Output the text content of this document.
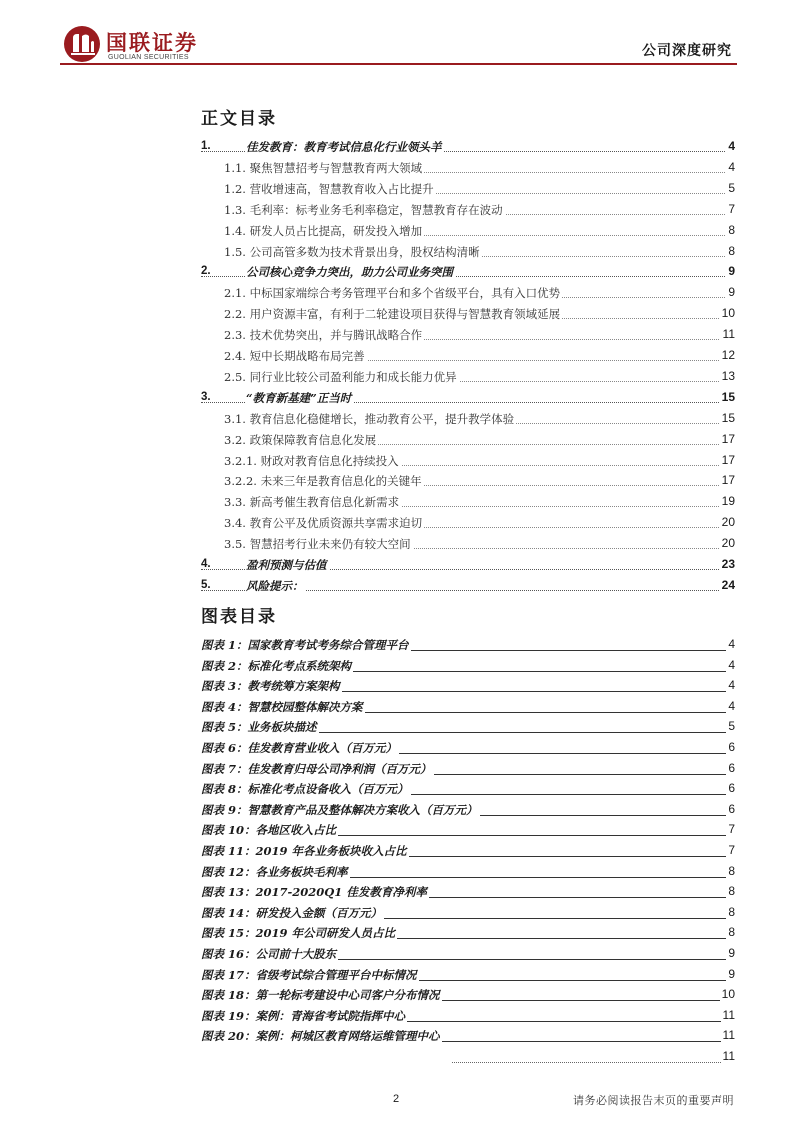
国联证券
GUOLIAN SECURITIES	公司深度研究
正文目录
1.	佳发教育：教育考试信息化行业领头羊	4
1.1. 聚焦智慧招考与智慧教育两大领域	4
1.2. 营收增速高，智慧教育收入占比提升	5
1.3. 毛利率：标考业务毛利率稳定，智慧教育存在波动	7
1.4. 研发人员占比提高，研发投入增加	8
1.5. 公司高管多数为技术背景出身，股权结构清晰	8
2.	公司核心竞争力突出，助力公司业务突围	9
2.1. 中标国家端综合考务管理平台和多个省级平台，具有入口优势	9
2.2. 用户资源丰富，有利于二轮建设项目获得与智慧教育领域延展	10
2.3. 技术优势突出，并与腾讯战略合作	11
2.4. 短中长期战略布局完善	12
2.5. 同行业比较公司盈利能力和成长能力优异	13
3.	“教育新基建”正当时	15
3.1. 教育信息化稳健增长，推动教育公平，提升教学体验	15
3.2. 政策保障教育信息化发展	17
3.2.1. 财政对教育信息化持续投入	17
3.2.2. 未来三年是教育信息化的关键年	17
3.3. 新高考催生教育信息化新需求	19
3.4. 教育公平及优质资源共享需求迫切	20
3.5. 智慧招考行业未来仍有较大空间	20
4.	盈利预测与估值	23
5.	风险提示：	24
图表目录
图表 1：国家教育考试考务综合管理平台	4
图表 2：标准化考点系统架构	4
图表 3：教考统筹方案架构	4
图表 4：智慧校园整体解决方案	4
图表 5：业务板块描述	5
图表 6：佳发教育营业收入（百万元）	6
图表 7：佳发教育归母公司净利润（百万元）	6
图表 8：标准化考点设备收入（百万元）	6
图表 9：智慧教育产品及整体解决方案收入（百万元）	6
图表 10：各地区收入占比	7
图表 11：2019 年各业务板块收入占比	7
图表 12：各业务板块毛利率	8
图表 13：2017-2020Q1 佳发教育净利率	8
图表 14：研发投入金额（百万元）	8
图表 15：2019 年公司研发人员占比	8
图表 16：公司前十大股东	9
图表 17：省级考试综合管理平台中标情况	9
图表 18：第一轮标考建设中心司客户分布情况	10
图表 19：案例：青海省考试院指挥中心	11
图表 20：案例：柯城区教育网络运维管理中心	11
11
2	请务必阅读报告末页的重要声明
